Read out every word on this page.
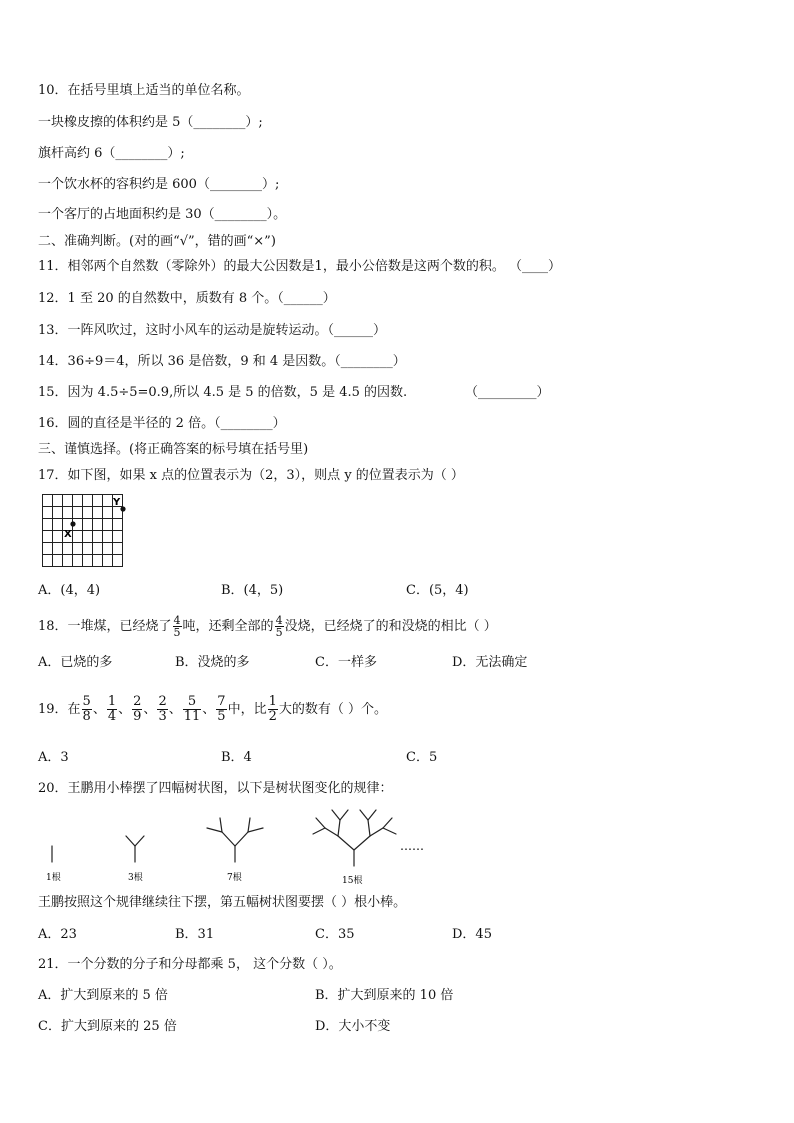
10．在括号里填上适当的单位名称。
一块橡皮擦的体积约是 5（________）;
旗杆高约 6（________）;
一个饮水杯的容积约是 600（________）;
一个客厅的占地面积约是 30（________）。
二、准确判断。(对的画“√”，错的画“×”)
11．相邻两个自然数（零除外）的最大公因数是1，最小公倍数是这两个数的积。 （____）
12．1 至 20 的自然数中，质数有 8 个。（______）
13．一阵风吹过，这时小风车的运动是旋转运动。（______）
14．36÷9＝4，所以 36 是倍数，9 和 4 是因数。（________）
15．因为 4.5÷5=0.9,所以 4.5 是 5 的倍数，5 是 4.5 的因数.	（_________）
16．圆的直径是半径的 2 倍。（________）
三、谨慎选择。(将正确答案的标号填在括号里)
17．如下图，如果 x 点的位置表示为（2，3），则点 y 的位置表示为（ ）
X
Y
A．(4，4)	B．(4，5)	C．(5，4)
18．一堆煤，已经烧了 $\frac{4}{5}$ 吨，还剩全部的 $\frac{4}{5}$ 没烧，已经烧了的和没烧的相比（ ）
A．已烧的多	B．没烧的多	C．一样多	D．无法确定
19．在 $\frac{5}{8}$ 、 $\frac{1}{4}$ 、 $\frac{2}{9}$ 、 $\frac{2}{3}$ 、 $\frac{5}{11}$ 、 $\frac{7}{5}$ 中，比 $\frac{1}{2}$ 大的数有（ ）个。
A．3	B．4	C．5
20．王鹏用小棒摆了四幅树状图，以下是树状图变化的规律：
1根	3根	7根	15根
……
王鹏按照这个规律继续往下摆，第五幅树状图要摆（ ）根小棒。
A．23	B．31	C．35	D．45
21．一个分数的分子和分母都乘 5， 这个分数（ ）。
A．扩大到原来的 5 倍	B．扩大到原来的 10 倍
C．扩大到原来的 25 倍	D．大小不变
